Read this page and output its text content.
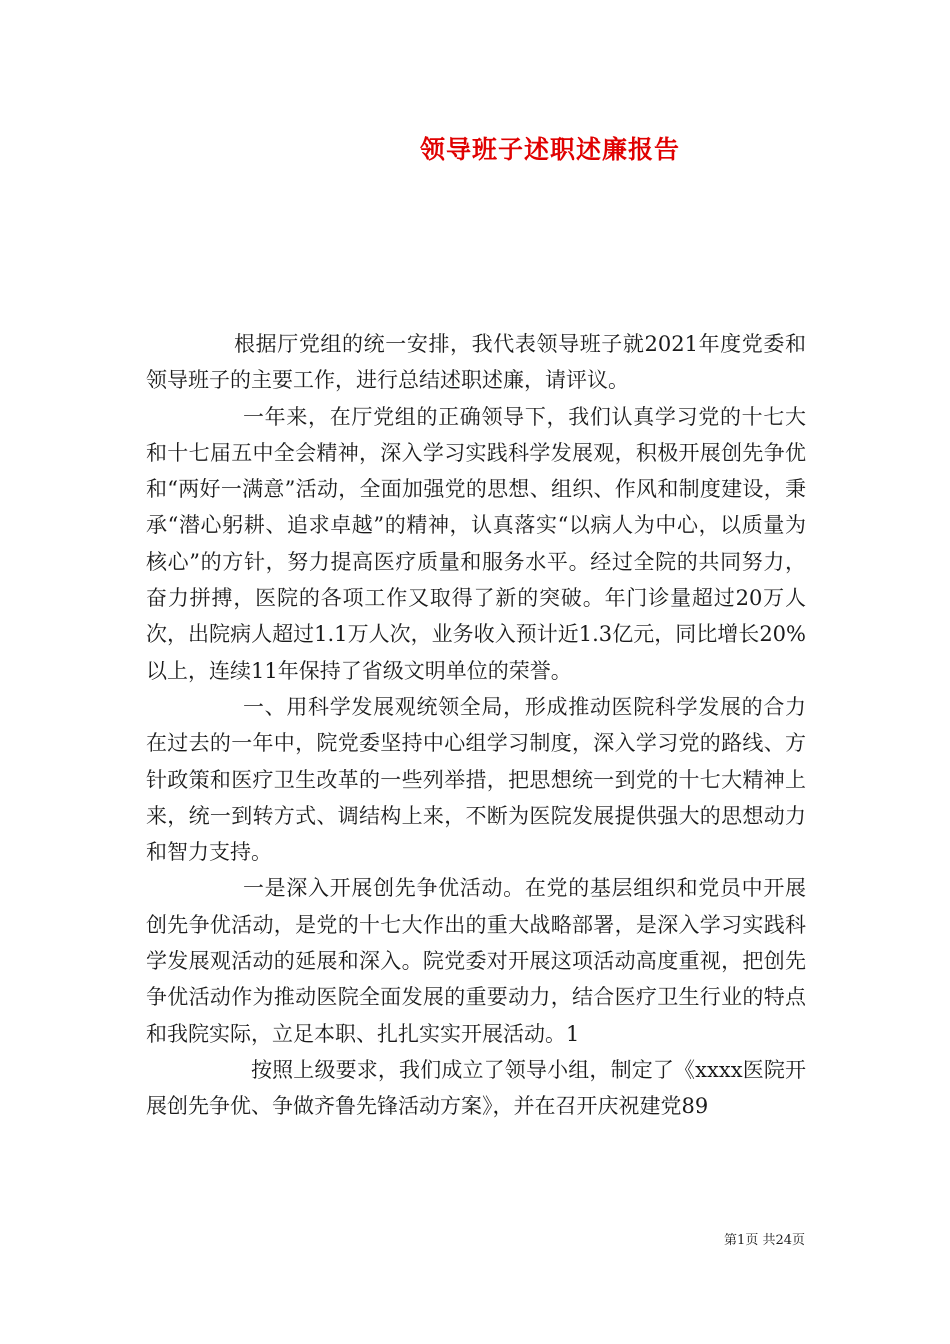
领导班子述职述廉报告

根据厅党组的统一安排，我代表领导班子就2021年度党委和领导班子的主要工作，进行总结述职述廉，请评议。

一年来，在厅党组的正确领导下，我们认真学习党的十七大和十七届五中全会精神，深入学习实践科学发展观，积极开展创先争优和“两好一满意”活动，全面加强党的思想、组织、作风和制度建设，秉承“潜心躬耕、追求卓越”的精神，认真落实“以病人为中心，以质量为核心”的方针，努力提高医疗质量和服务水平。经过全院的共同努力，奋力拼搏，医院的各项工作又取得了新的突破。年门诊量超过20万人次，出院病人超过1.1万人次，业务收入预计近1.3亿元，同比增长20%以上，连续11年保持了省级文明单位的荣誉。

一、用科学发展观统领全局，形成推动医院科学发展的合力在过去的一年中，院党委坚持中心组学习制度，深入学习党的路线、方针政策和医疗卫生改革的一些列举措，把思想统一到党的十七大精神上来，统一到转方式、调结构上来，不断为医院发展提供强大的思想动力和智力支持。

一是深入开展创先争优活动。在党的基层组织和党员中开展创先争优活动，是党的十七大作出的重大战略部署，是深入学习实践科学发展观活动的延展和深入。院党委对开展这项活动高度重视，把创先争优活动作为推动医院全面发展的重要动力，结合医疗卫生行业的特点和我院实际，立足本职、扎扎实实开展活动。1

按照上级要求，我们成立了领导小组，制定了《xxxx医院开展创先争优、争做齐鲁先锋活动方案》，并在召开庆祝建党89

第1页 共24页
